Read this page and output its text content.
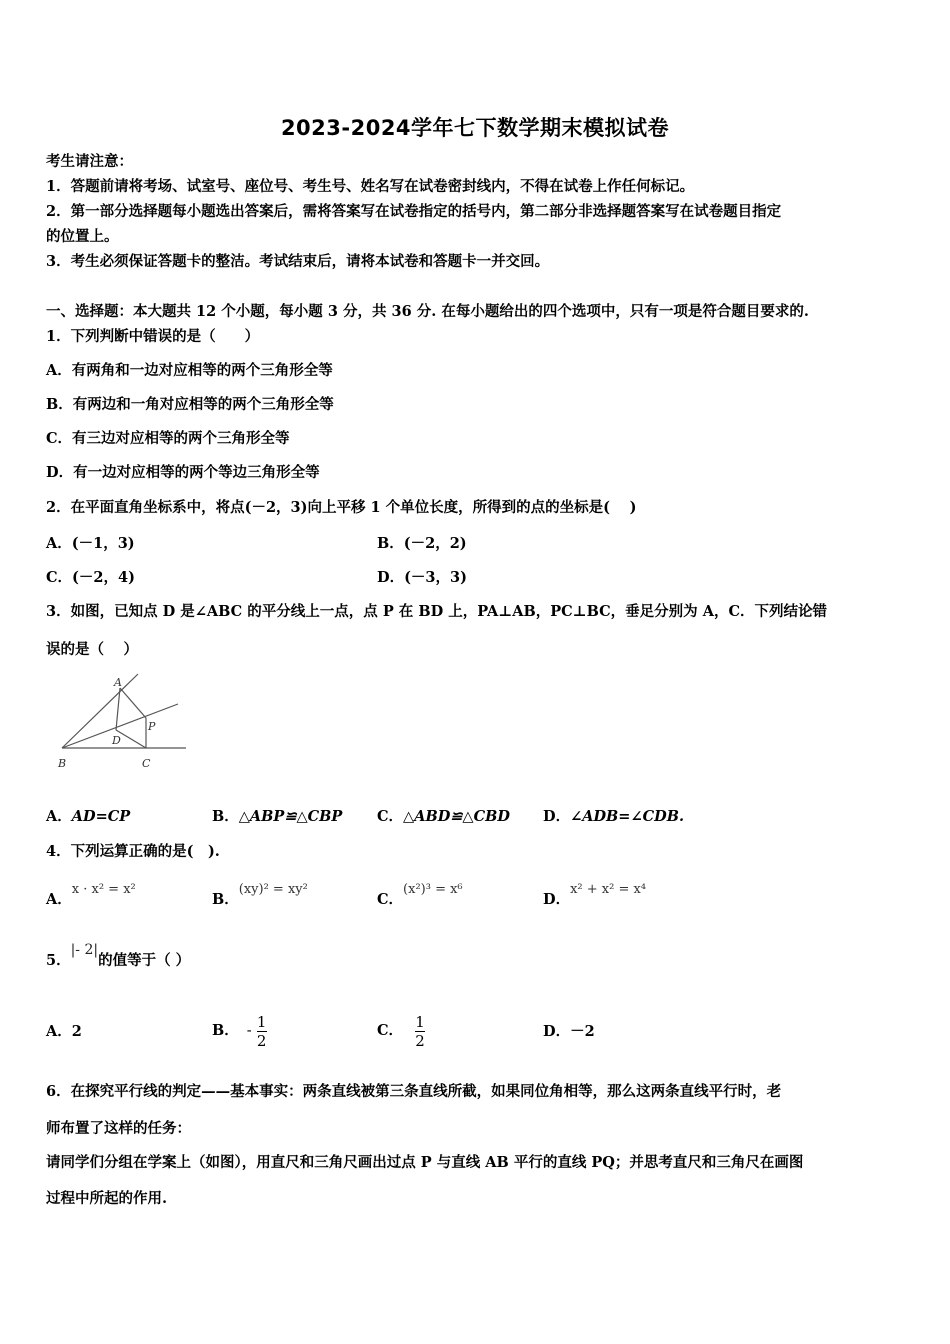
2023-2024学年七下数学期末模拟试卷
考生请注意：
1．答题前请将考场、试室号、座位号、考生号、姓名写在试卷密封线内，不得在试卷上作任何标记。
2．第一部分选择题每小题选出答案后，需将答案写在试卷指定的括号内，第二部分非选择题答案写在试卷题目指定
的位置上。
3．考生必须保证答题卡的整洁。考试结束后，请将本试卷和答题卡一并交回。
一、选择题：本大题共 12 个小题，每小题 3 分，共 36 分. 在每小题给出的四个选项中，只有一项是符合题目要求的.
1．下列判断中错误的是（　　）
A．有两角和一边对应相等的两个三角形全等
B．有两边和一角对应相等的两个三角形全等
C．有三边对应相等的两个三角形全等
D．有一边对应相等的两个等边三角形全等
2．在平面直角坐标系中，将点(－2，3)向上平移 1 个单位长度，所得到的点的坐标是(　 )
A．(－1，3)	B．(－2，2)
C．(－2，4)	D．(－3，3)
3．如图，已知点 D 是∠ABC 的平分线上一点，点 P 在 BD 上，PA⊥AB，PC⊥BC，垂足分别为 A，C．下列结论错
误的是（　 ）
A
P
D
B	C
A．AD=CP	B．△ABP≌△CBP C．△ABD≌△CBD D．∠ADB=∠CDB.
4．下列运算正确的是(　).
A．x · x² = x²
B．(xy)² = xy²
C．(x²)³ = x⁶
D．x² + x² = x⁴
5．|- 2|的值等于（ ）
A．2	B． - $\frac{1}{2}$	C． $\frac{1}{2}$	D．－2
6．在探究平行线的判定——基本事实：两条直线被第三条直线所截，如果同位角相等，那么这两条直线平行时，老
师布置了这样的任务：
请同学们分组在学案上（如图），用直尺和三角尺画出过点 P 与直线 AB 平行的直线 PQ；并思考直尺和三角尺在画图
过程中所起的作用.
